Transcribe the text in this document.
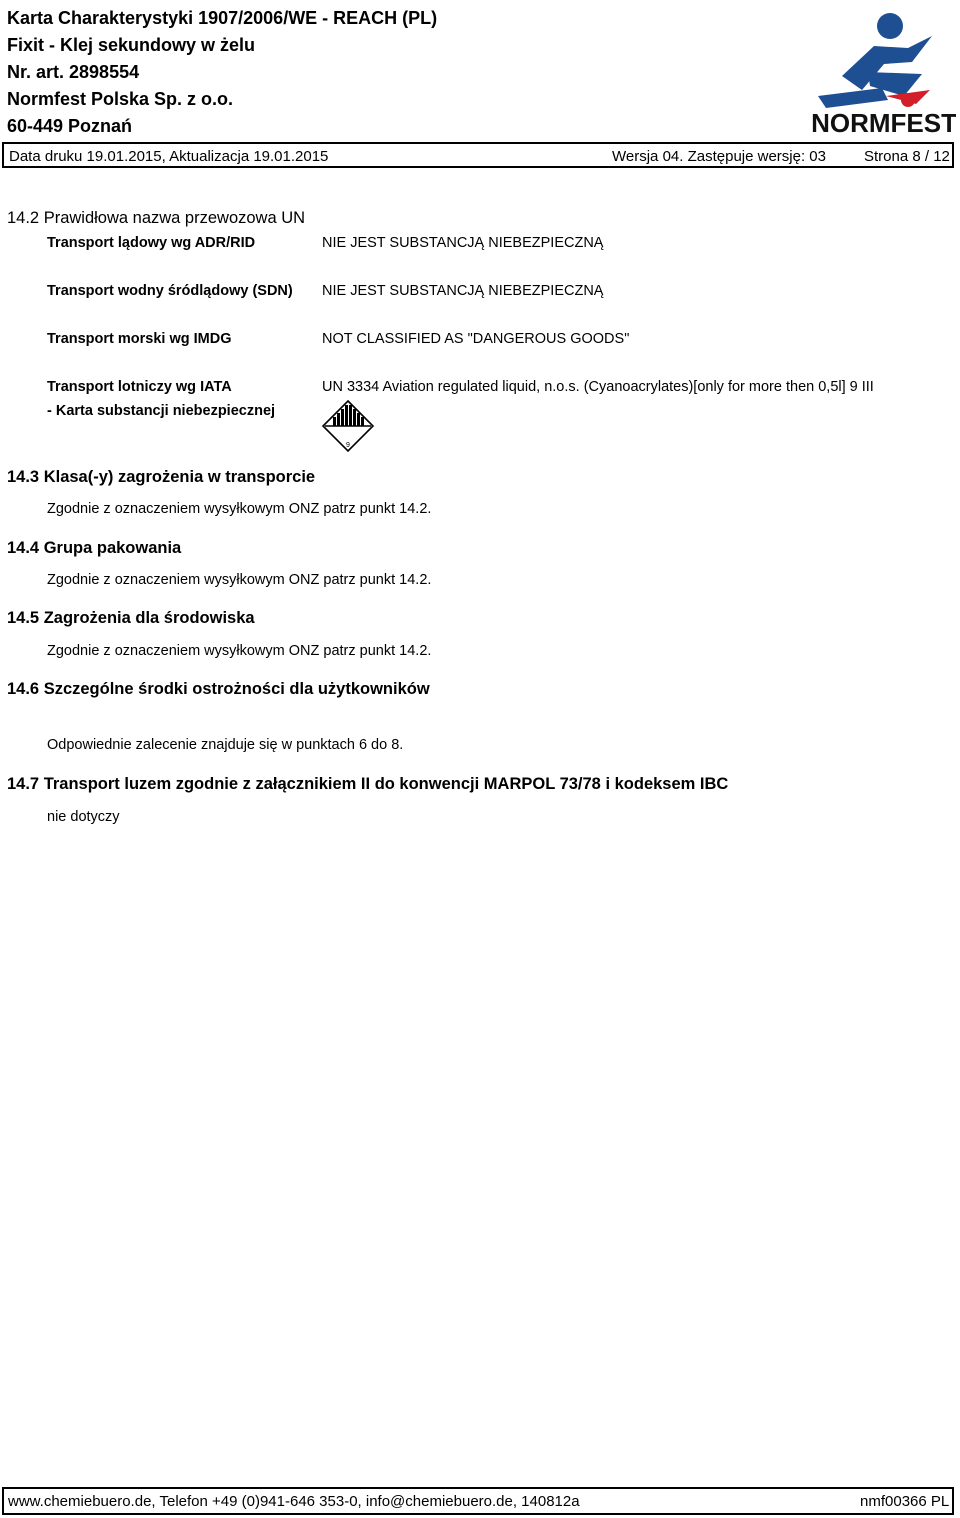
Karta Charakterystyki 1907/2006/WE - REACH (PL)
Fixit - Klej sekundowy w żelu
Nr. art. 2898554
Normfest Polska Sp. z o.o.
60-449 Poznań	NORMFEST
Data druku 19.01.2015, Aktualizacja 19.01.2015	Wersja 04. Zastępuje wersję: 03	Strona 8 / 12
14.2 Prawidłowa nazwa przewozowa UN
Transport lądowy wg ADR/RID	NIE JEST SUBSTANCJĄ NIEBEZPIECZNĄ
Transport wodny śródlądowy (SDN) NIE JEST SUBSTANCJĄ NIEBEZPIECZNĄ
Transport morski wg IMDG	NOT CLASSIFIED AS "DANGEROUS GOODS"
Transport lotniczy wg IATA	UN 3334 Aviation regulated liquid, n.o.s. (Cyanoacrylates)[only for more then 0,5l] 9 III
- Karta substancji niebezpiecznej
9
14.3 Klasa(-y) zagrożenia w transporcie
Zgodnie z oznaczeniem wysyłkowym ONZ patrz punkt 14.2.
14.4 Grupa pakowania
Zgodnie z oznaczeniem wysyłkowym ONZ patrz punkt 14.2.
14.5 Zagrożenia dla środowiska
Zgodnie z oznaczeniem wysyłkowym ONZ patrz punkt 14.2.
14.6 Szczególne środki ostrożności dla użytkowników
Odpowiednie zalecenie znajduje się w punktach 6 do 8.
14.7 Transport luzem zgodnie z załącznikiem II do konwencji MARPOL 73/78 i kodeksem IBC
nie dotyczy
www.chemiebuero.de, Telefon +49 (0)941-646 353-0, info@chemiebuero.de, 140812a	nmf00366 PL
